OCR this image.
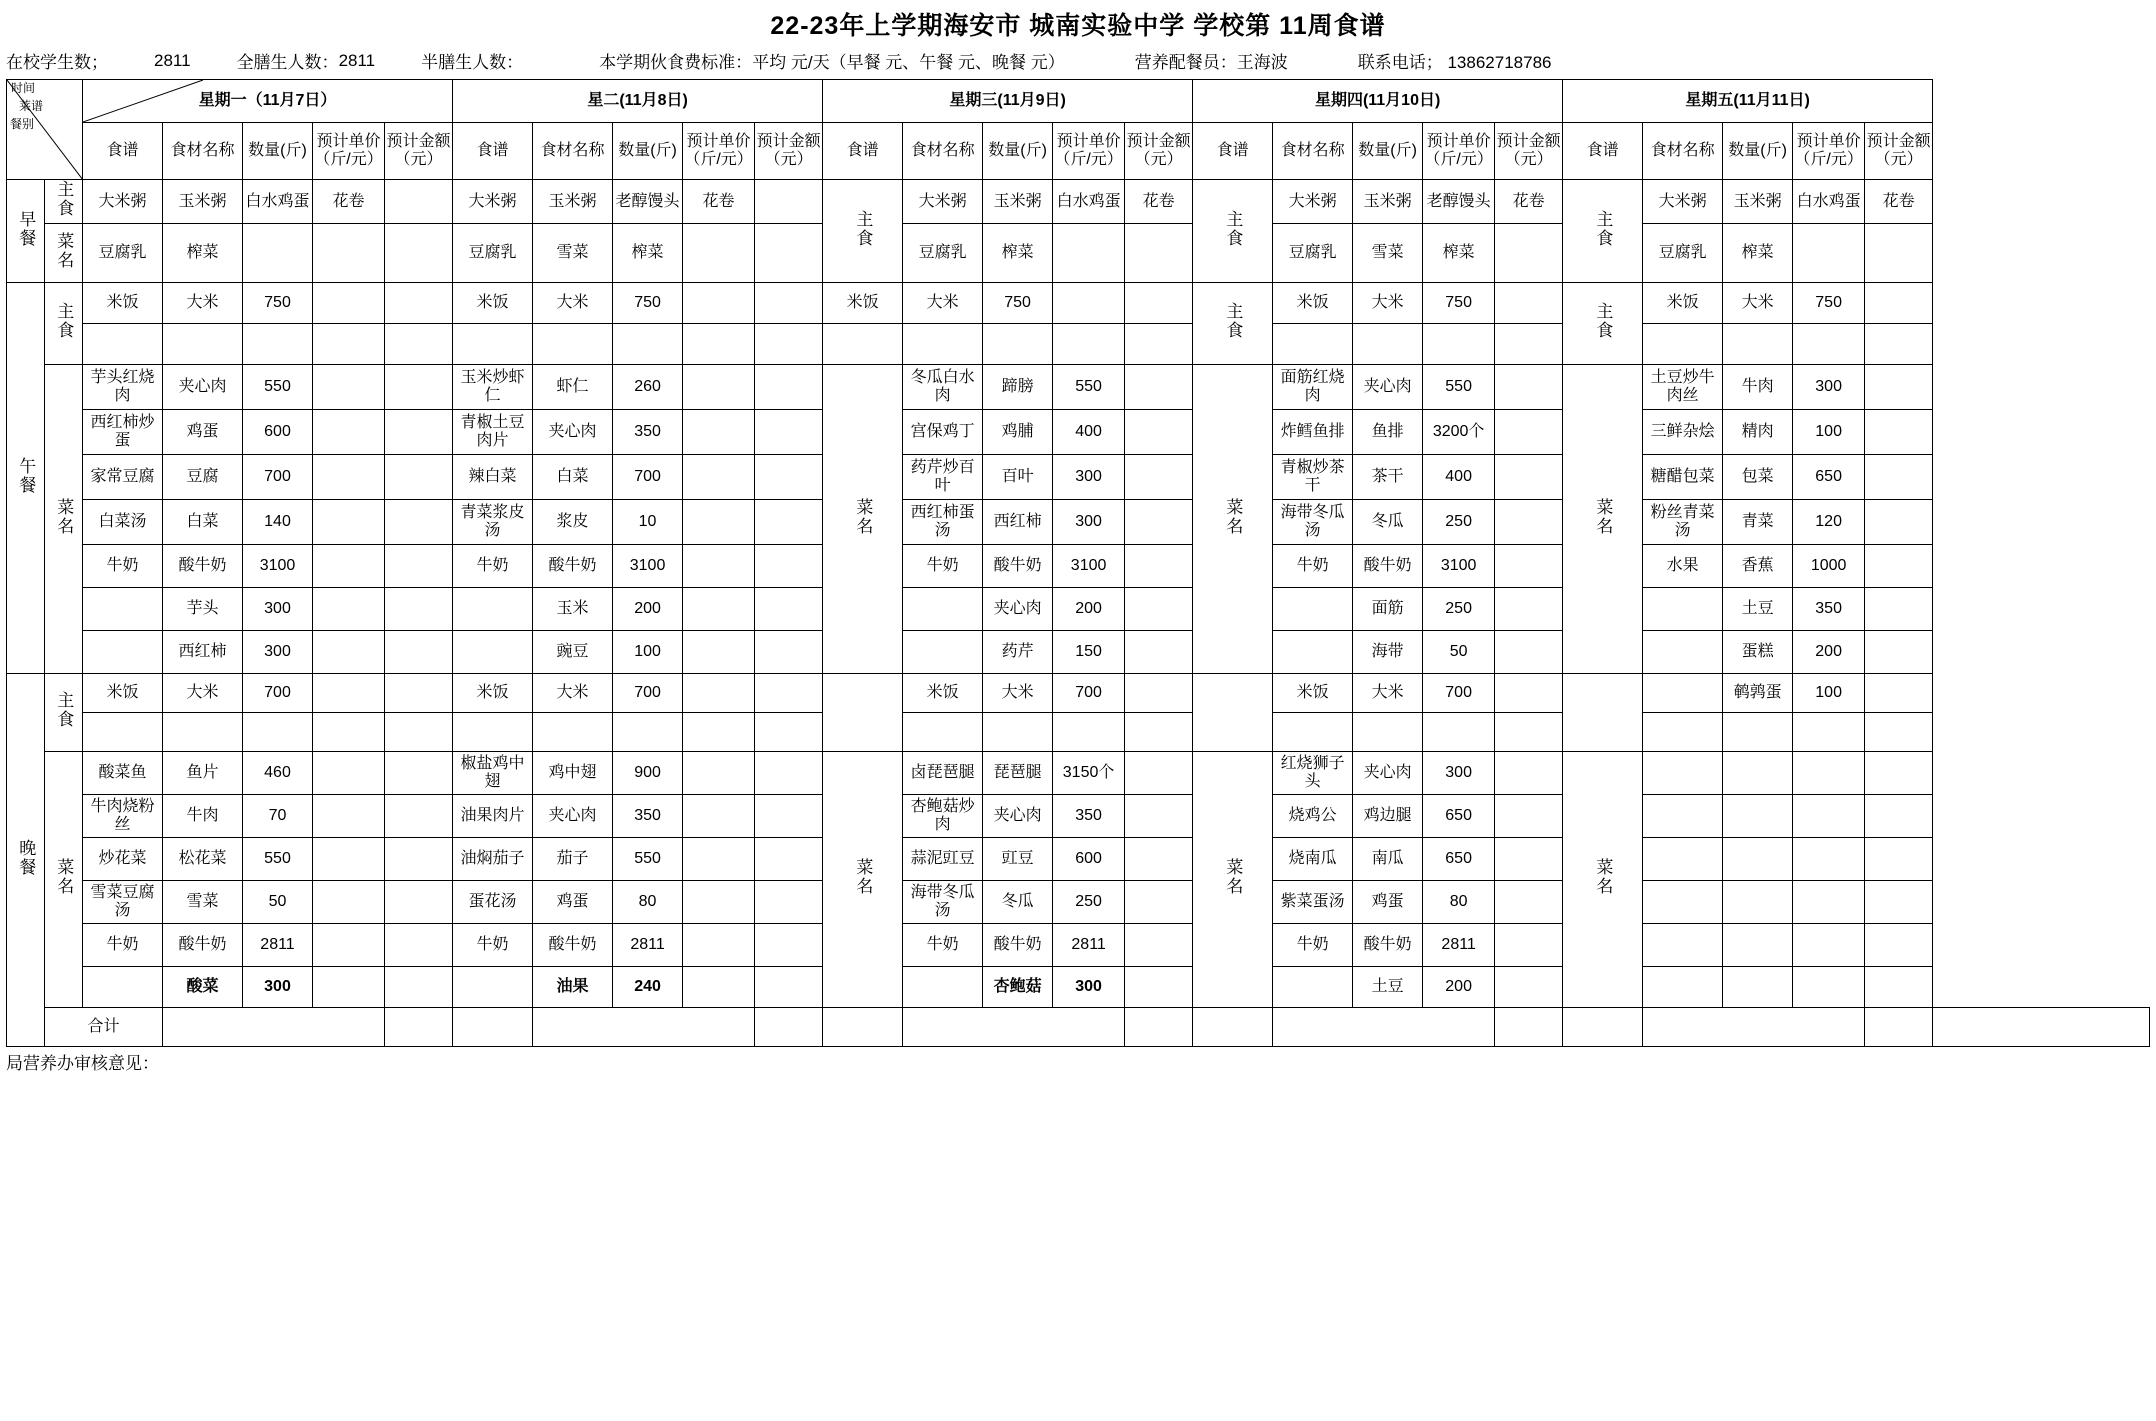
22-23年上学期海安市 城南实验中学 学校第 11周食谱
在校学生数；	2811	全膳生人数： 2811	半膳生人数：	本学期伙食费标准：平均 元/天（早餐 元、午餐 元、晚餐 元）	营养配餐员：王海波	联系电话； 13862718786
时间
莱谱
餐别		星期一（11月7日）					星二(11月8日)					星期三(11月9日)					星期四(11月10日)					星期五(11月11日)					
		食谱	食材名称	数量(斤)	预计单价（斤/元）	预计金额（元）	食谱	食材名称	数量(斤)	预计单价（斤/元）	预计金额（元）	食谱	食材名称	数量(斤)	预计单价（斤/元）	预计金额（元）	食谱	食材名称	数量(斤)	预计单价（斤/元）	预计金额（元）	食谱	食材名称	数量(斤)	预计单价（斤/元）	预计金额（元）	
早餐	主食	大米粥	玉米粥	白水鸡蛋	花卷		大米粥	玉米粥	老醇馒头	花卷		主食	大米粥	玉米粥	白水鸡蛋	花卷	主食	大米粥	玉米粥	老醇馒头	花卷	主食	大米粥	玉米粥	白水鸡蛋	花卷	
	菜名	豆腐乳	榨菜				豆腐乳	雪菜	榨菜				豆腐乳	榨菜				豆腐乳	雪菜	榨菜			豆腐乳	榨菜			
午餐	主食	米饭	大米	750			米饭	大米	750			米饭	大米	750			主食	米饭	大米	750		主食	米饭	大米	750		

	菜名	芋头红烧肉	夹心肉	550			玉米炒虾仁	虾仁	260			菜名	冬瓜白水肉	蹄膀	550		菜名	面筋红烧肉	夹心肉	550		菜名	土豆炒牛肉丝	牛肉	300		
		西红柿炒蛋	鸡蛋	600			青椒土豆肉片	夹心肉	350				宫保鸡丁	鸡脯	400			炸鳕鱼排	鱼排	3200个			三鲜杂烩	精肉	100		
		家常豆腐	豆腐	700			辣白菜	白菜	700				药芹炒百叶	百叶	300			青椒炒茶干	茶干	400			糖醋包菜	包菜	650		
		白菜汤	白菜	140			青菜浆皮汤	浆皮	10				西红柿蛋汤	西红柿	300			海带冬瓜汤	冬瓜	250			粉丝青菜汤	青菜	120		
		牛奶	酸牛奶	3100			牛奶	酸牛奶	3100				牛奶	酸牛奶	3100			牛奶	酸牛奶	3100			水果	香蕉	1000		
			芋头	300				玉米	200					夹心肉	200				面筋	250				土豆	350		
			西红柿	300				豌豆	100					药芹	150				海带	50				蛋糕	200		
晚餐	主食	米饭	大米	700			米饭	大米	700				米饭	大米	700			米饭	大米	700				鹌鹑蛋	100		

	菜名	酸菜鱼	鱼片	460			椒盐鸡中翅	鸡中翅	900			菜名	卤琵琶腿	琵琶腿	3150个		菜名	红烧狮子头	夹心肉	300		菜名					
		牛肉烧粉丝	牛肉	70			油果肉片	夹心肉	350				杏鲍菇炒肉	夹心肉	350			烧鸡公	鸡边腿	650							
		炒花菜	松花菜	550			油焖茄子	茄子	550				蒜泥豇豆	豇豆	600			烧南瓜	南瓜	650							
		雪菜豆腐汤	雪菜	50			蛋花汤	鸡蛋	80				海带冬瓜汤	冬瓜	250			紫菜蛋汤	鸡蛋	80							
		牛奶	酸牛奶	2811			牛奶	酸牛奶	2811				牛奶	酸牛奶	2811			牛奶	酸牛奶	2811							
			酸菜	300				油果	240					杏鲍菇	300				土豆	200							
	合计																										
局营养办审核意见：
